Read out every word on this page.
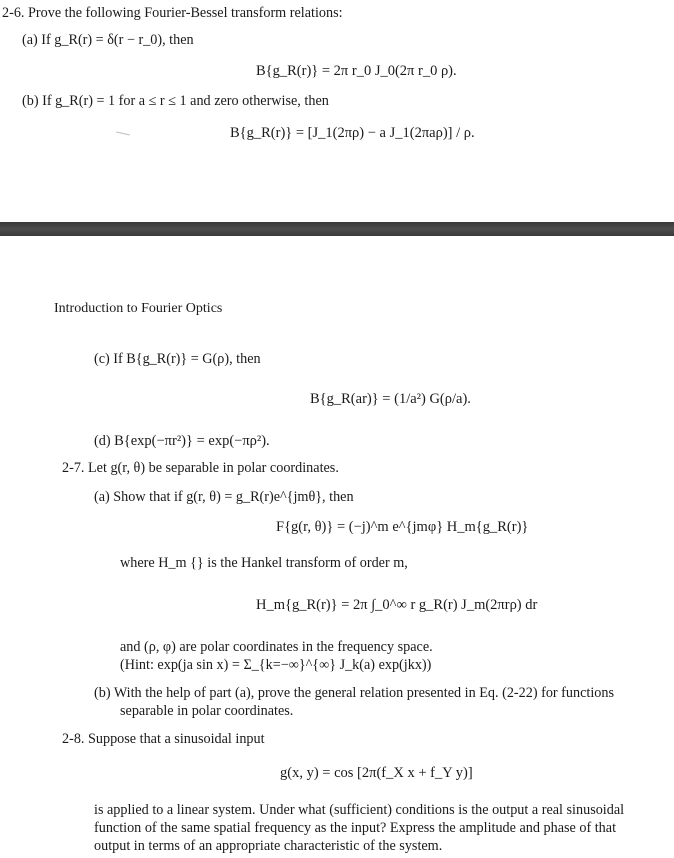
2-6. Prove the following Fourier-Bessel transform relations:
(a) If g_R(r) = δ(r − r_0), then
B{g_R(r)} = 2π r_0 J_0(2π r_0 ρ).
(b) If g_R(r) = 1 for a ≤ r ≤ 1 and zero otherwise, then
B{g_R(r)} = [J_1(2πρ) − a J_1(2πaρ)] / ρ.
Introduction to Fourier Optics
(c) If B{g_R(r)} = G(ρ), then
B{g_R(ar)} = (1/a²) G(ρ/a).
(d) B{exp(−πr²)} = exp(−πρ²).
2-7. Let g(r, θ) be separable in polar coordinates.
(a) Show that if g(r, θ) = g_R(r)e^{jmθ}, then
F{g(r, θ)} = (−j)^m e^{jmφ} H_m{g_R(r)}
where H_m {} is the Hankel transform of order m,
H_m{g_R(r)} = 2π ∫_0^∞ r g_R(r) J_m(2πrρ) dr
and (ρ, φ) are polar coordinates in the frequency space.
(Hint: exp(ja sin x) = Σ_{k=−∞}^{∞} J_k(a) exp(jkx))
(b) With the help of part (a), prove the general relation presented in Eq. (2-22) for functions
separable in polar coordinates.
2-8. Suppose that a sinusoidal input
g(x, y) = cos [2π(f_X x + f_Y y)]
is applied to a linear system. Under what (sufficient) conditions is the output a real sinusoidal
function of the same spatial frequency as the input? Express the amplitude and phase of that
output in terms of an appropriate characteristic of the system.
